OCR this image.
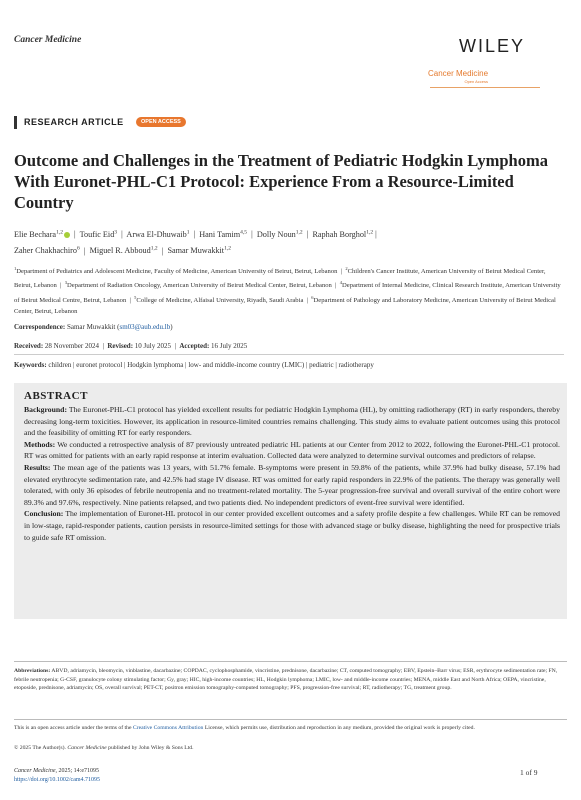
Cancer Medicine	WILEY
Cancer Medicine
Open Access
RESEARCH ARTICLE	OPEN ACCESS
Outcome and Challenges in the Treatment of Pediatric Hodgkin Lymphoma With Euronet-PHL-C1 Protocol: Experience From a Resource-Limited Country
Elie Bechara$^{1,2}$  |  Toufic Eid$^3$  |  Arwa El-Dhuwaib$^1$  |  Hani Tamim$^{4,5}$  |  Dolly Noun$^{1,2}$  |  Raphah Borghol$^{1,2}$ |
Zaher Chakhachiro$^6$  |  Miguel R. Abboud$^{1,2}$  |  Samar Muwakkit$^{1,2}$
$^1$Department of Pediatrics and Adolescent Medicine, Faculty of Medicine, American University of Beirut, Beirut, Lebanon  |  $^2$Children's Cancer Institute, American University of Beirut Medical Center, Beirut, Lebanon  |  $^3$Department of Radiation Oncology, American University of Beirut Medical Center, Beirut, Lebanon  |  $^4$Department of Internal Medicine, Clinical Research Institute, American University of Beirut Medical Centre, Beirut, Lebanon  |  $^5$College of Medicine, Alfaisal University, Riyadh, Saudi Arabia  |  $^6$Department of Pathology and Laboratory Medicine, American University of Beirut Medical Center, Beirut, Lebanon
Correspondence: Samar Muwakkit (sm03@aub.edu.lb)
Received: 28 November 2024  |  Revised: 10 July 2025  |  Accepted: 16 July 2025
Keywords: children | euronet protocol | Hodgkin lymphoma | low- and middle-income country (LMIC) | pediatric | radiotherapy
ABSTRACT

Background: The Euronet-PHL-C1 protocol has yielded excellent results for pediatric Hodgkin Lymphoma (HL), by omitting radiotherapy (RT) in early responders, thereby decreasing long-term toxicities. However, its application in resource-limited countries remains challenging. This study aims to evaluate patient outcomes using this protocol and the feasibility of omitting RT for early responders.

Methods: We conducted a retrospective analysis of 87 previously untreated pediatric HL patients at our Center from 2012 to 2022, following the Euronet-PHL-C1 protocol. RT was omitted for patients with an early rapid response at interim evaluation. Collected data were analyzed to determine survival outcomes and predictors of relapse.

Results: The mean age of the patients was 13 years, with 51.7% female. B-symptoms were present in 59.8% of the patients, while 37.9% had bulky disease, 57.1% had elevated erythrocyte sedimentation rate, and 42.5% had stage IV disease. RT was omitted for early rapid responders in 22.9% of the patients. The therapy was generally well tolerated, with only 36 episodes of febrile neutropenia and no treatment-related mortality. The 5-year progression-free survival and overall survival of the entire cohort were 89.3% and 97.6%, respectively. Nine patients relapsed, and two patients died. No independent predictors of event-free survival were identified.

Conclusion: The implementation of Euronet-HL protocol in our center provided excellent outcomes and a safety profile despite a few challenges. While RT can be removed in low-stage, rapid-responder patients, caution persists in resource-limited settings for those with advanced stage or bulky disease, highlighting the need for prospective trials to guide safe RT omission.

Abbreviations: ABVD, adriamycin, bleomycin, vinblastine, dacarbazine; COPDAC, cyclophosphamide, vincristine, prednisone, dacarbazine; CT, computed tomography; EBV, Epstein–Barr virus; ESR, erythrocyte sedimentation rate; FN, febrile neutropenia; G-CSF, granulocyte colony stimulating factor; Gy, gray; HIC, high-income countries; HL, Hodgkin lymphoma; LMIC, low- and middle-income countries; MENA, middle East and North Africa; OEPA, vincristine, etoposide, prednisone, adriamycin; OS, overall survival; PET-CT, positron emission tomography-computed tomography; PFS, progression-free survival; RT, radiotherapy; TG, treatment group.
This is an open access article under the terms of the Creative Commons Attribution License, which permits use, distribution and reproduction in any medium, provided the original work is properly cited.
© 2025 The Author(s). Cancer Medicine published by John Wiley & Sons Ltd.
Cancer Medicine, 2025; 14:e71095
https://doi.org/10.1002/cam4.71095
1 of 9
